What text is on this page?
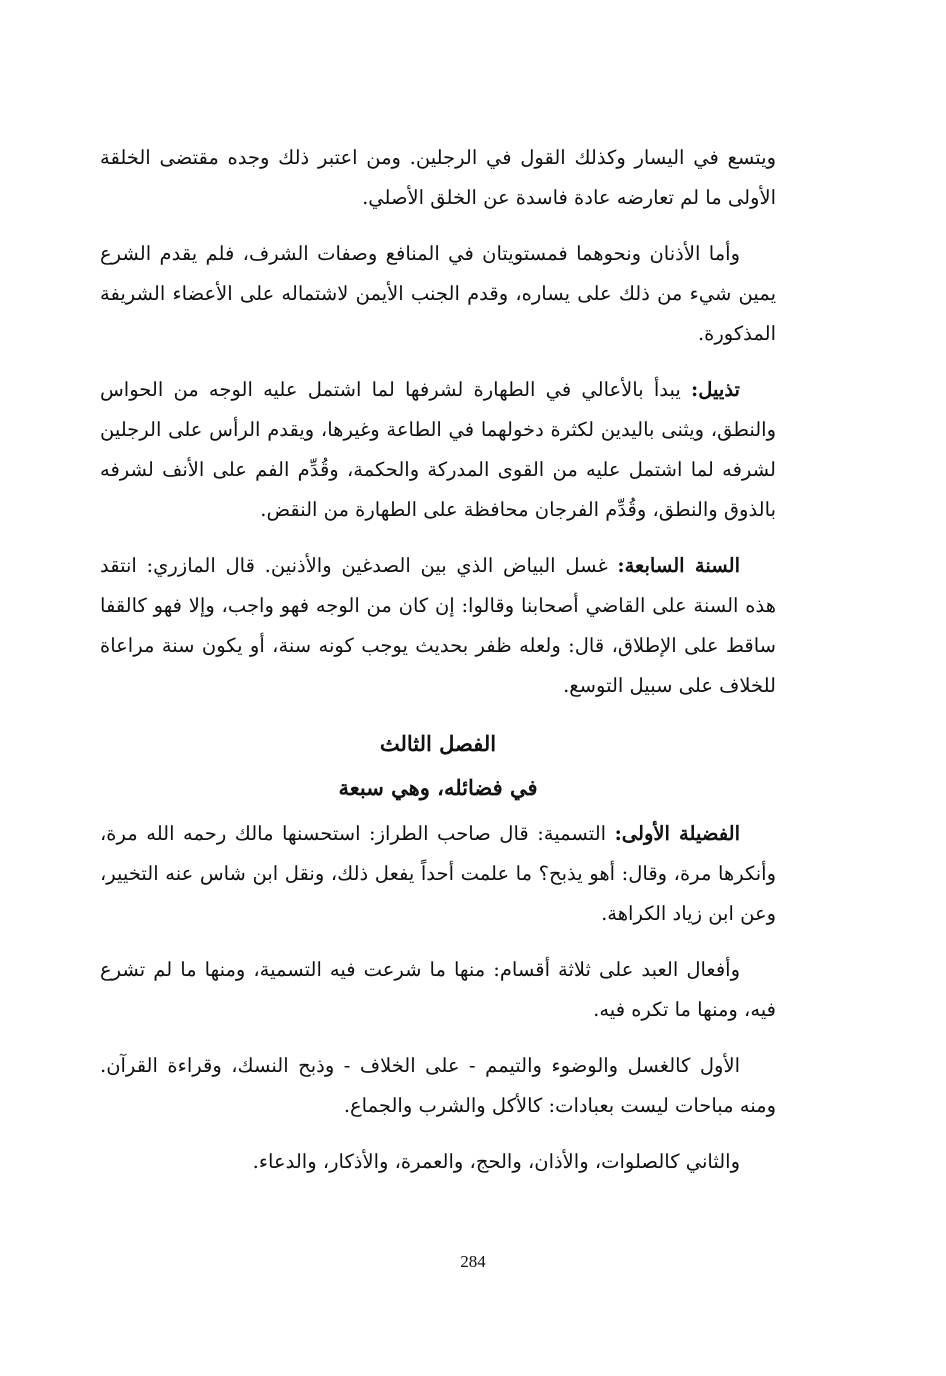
ويتسع في اليسار وكذلك القول في الرجلين. ومن اعتبر ذلك وجده مقتضى الخلقة الأولى ما لم تعارضه عادة فاسدة عن الخلق الأصلي.

وأما الأذنان ونحوهما فمستويتان في المنافع وصفات الشرف، فلم يقدم الشرع يمين شيء من ذلك على يساره، وقدم الجنب الأيمن لاشتماله على الأعضاء الشريفة المذكورة.

تذييل: يبدأ بالأعالي في الطهارة لشرفها لما اشتمل عليه الوجه من الحواس والنطق، ويثنى باليدين لكثرة دخولهما في الطاعة وغيرها، ويقدم الرأس على الرجلين لشرفه لما اشتمل عليه من القوى المدركة والحكمة، وقُدِّم الفم على الأنف لشرفه بالذوق والنطق، وقُدِّم الفرجان محافظة على الطهارة من النقض.

السنة السابعة: غسل البياض الذي بين الصدغين والأذنين. قال المازري: انتقد هذه السنة على القاضي أصحابنا وقالوا: إن كان من الوجه فهو واجب، وإلا فهو كالقفا ساقط على الإطلاق، قال: ولعله ظفر بحديث يوجب كونه سنة، أو يكون سنة مراعاة للخلاف على سبيل التوسع.

الفصل الثالث
في فضائله، وهي سبعة

الفضيلة الأولى: التسمية: قال صاحب الطراز: استحسنها مالك رحمه الله مرة، وأنكرها مرة، وقال: أهو يذبح؟ ما علمت أحداً يفعل ذلك، ونقل ابن شاس عنه التخيير، وعن ابن زياد الكراهة.

وأفعال العبد على ثلاثة أقسام: منها ما شرعت فيه التسمية، ومنها ما لم تشرع فيه، ومنها ما تكره فيه.

الأول كالغسل والوضوء والتيمم - على الخلاف - وذبح النسك، وقراءة القرآن. ومنه مباحات ليست بعبادات: كالأكل والشرب والجماع.

والثاني كالصلوات، والأذان، والحج، والعمرة، والأذكار، والدعاء.

284
